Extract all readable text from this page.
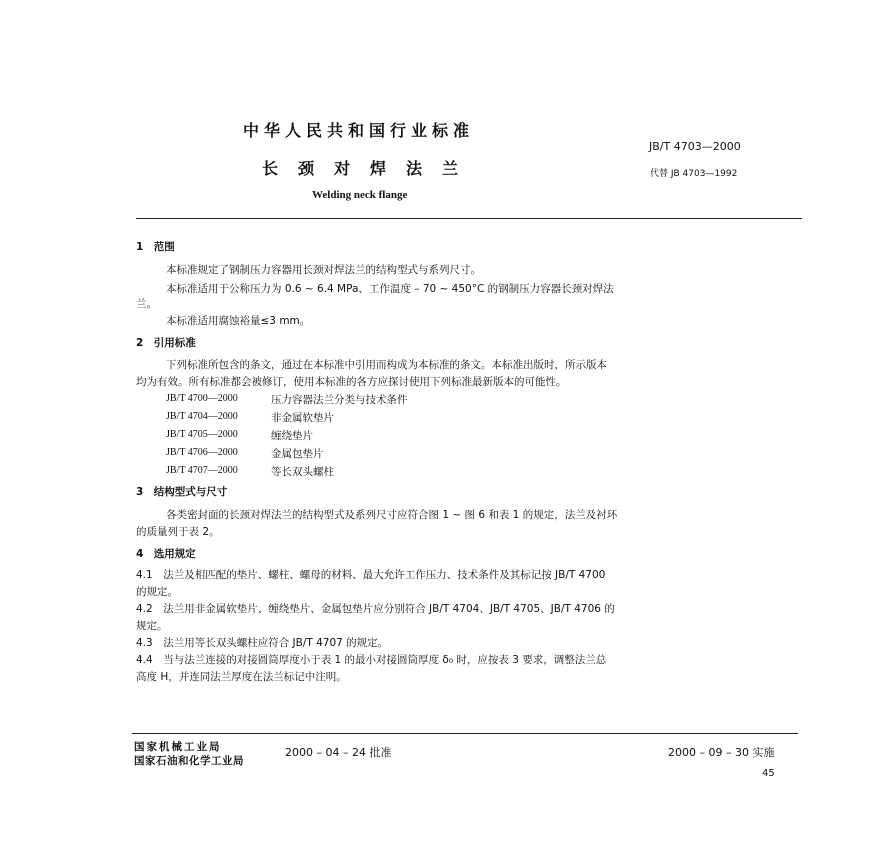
中华人民共和国行业标准
JB/T 4703—2000
长颈对焊法兰	代替 JB 4703—1992
Welding neck flange
1　范围
本标准规定了钢制压力容器用长颈对焊法兰的结构型式与系列尺寸。
本标准适用于公称压力为 0.6 ~ 6.4 MPa、工作温度 – 70 ~ 450°C 的钢制压力容器长颈对焊法
兰。
本标准适用腐蚀裕量≤3 mm。
2　引用标准
下列标准所包含的条文，通过在本标准中引用而构成为本标准的条文。本标准出版时，所示版本
均为有效。所有标准都会被修订，使用本标准的各方应探讨使用下列标准最新版本的可能性。
JB/T 4700—2000	压力容器法兰分类与技术条件
JB/T 4704—2000	非金属软垫片
JB/T 4705—2000	缠绕垫片
JB/T 4706—2000	金属包垫片
JB/T 4707—2000	等长双头螺柱
3　结构型式与尺寸
各类密封面的长颈对焊法兰的结构型式及系列尺寸应符合图 1 ~ 图 6 和表 1 的规定，法兰及衬环
的质量列于表 2。
4　选用规定
4.1　法兰及相匹配的垫片、螺柱、螺母的材料、最大允许工作压力、技术条件及其标记按 JB/T 4700
的规定。
4.2　法兰用非金属软垫片、缠绕垫片、金属包垫片应分别符合 JB/T 4704、JB/T 4705、JB/T 4706 的
规定。
4.3　法兰用等长双头螺柱应符合 JB/T 4707 的规定。
4.4　当与法兰连接的对接圆筒厚度小于表 1 的最小对接圆筒厚度 δ₀ 时，应按表 3 要求，调整法兰总
高度 H，并连同法兰厚度在法兰标记中注明。
国家机械工业局
国家石油和化学工业局
2000 – 04 – 24 批准	2000 – 09 – 30 实施
45
